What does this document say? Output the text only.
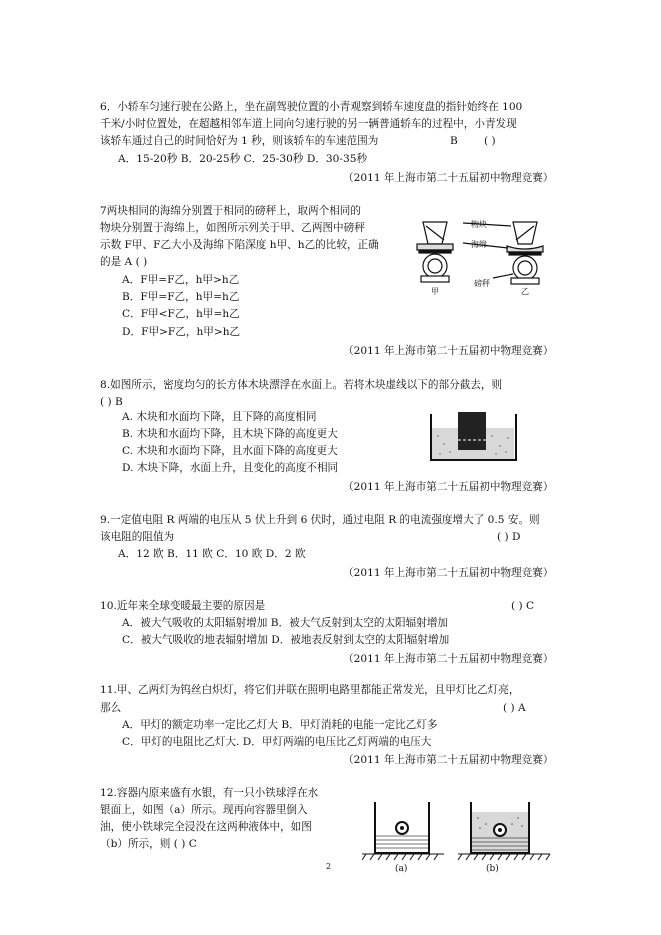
6．小轿车匀速行驶在公路上，坐在副驾驶位置的小青观察到轿车速度盘的指针始终在 100
千米/小时位置处，在超越相邻车道上同向匀速行驶的另一辆普通轿车的过程中，小青发现
该轿车通过自己的时间恰好为 1 秒，则该轿车的车速范围为	B ( )
A．15-20秒 B．20-25秒 C．25-30秒 D．30-35秒
（2011 年上海市第二十五届初中物理竞赛）
7两块相同的海绵分别置于相同的磅秤上，取两个相同的
物块分别置于海绵上，如图所示列关于甲、乙两图中磅秤
示数 F甲、F乙大小及海绵下陷深度 h甲、h乙的比较，正确
的是 A ( )
A．F甲=F乙，h甲>h乙
B．F甲=F乙，h甲=h乙
C．F甲<F乙，h甲=h乙
D．F甲>F乙，h甲>h乙
（2011 年上海市第二十五届初中物理竞赛）
物块
海绵
磅秤
甲	乙
8.如图所示，密度均匀的长方体木块漂浮在水面上。若将木块虚线以下的部分截去，则
( ) B
A. 木块和水面均下降，且下降的高度相同
B. 木块和水面均下降，且木块下降的高度更大
C. 木块和水面均下降，且水面下降的高度更大
D. 木块下降，水面上升，且变化的高度不相同
（2011 年上海市第二十五届初中物理竞赛）
9.一定值电阻 R 两端的电压从 5 伏上升到 6 伏时，通过电阻 R 的电流强度增大了 0.5 安。则
该电阻的阻值为	( ) D
A．12 欧 B．11 欧 C．10 欧 D．2 欧
（2011 年上海市第二十五届初中物理竞赛）
10.近年来全球变暖最主要的原因是	( ) C
A．被大气吸收的太阳辐射增加 B．被大气反射到太空的太阳辐射增加
C．被大气吸收的地表辐射增加 D．被地表反射到太空的太阳辐射增加
（2011 年上海市第二十五届初中物理竞赛）
11.甲、乙两灯为钨丝白炽灯，将它们并联在照明电路里都能正常发光，且甲灯比乙灯亮，
那么	( ) A
A．甲灯的额定功率一定比乙灯大 B．甲灯消耗的电能一定比乙灯多
C．甲灯的电阻比乙灯大. D．甲灯两端的电压比乙灯两端的电压大
（2011 年上海市第二十五届初中物理竞赛）
12.容器内原来盛有水银，有一只小铁球浮在水
银面上，如图（a）所示。现再向容器里倒入
油，使小铁球完全浸没在这两种液体中，如图
（b）所示，则 ( ) C
(a)	(b)
2
